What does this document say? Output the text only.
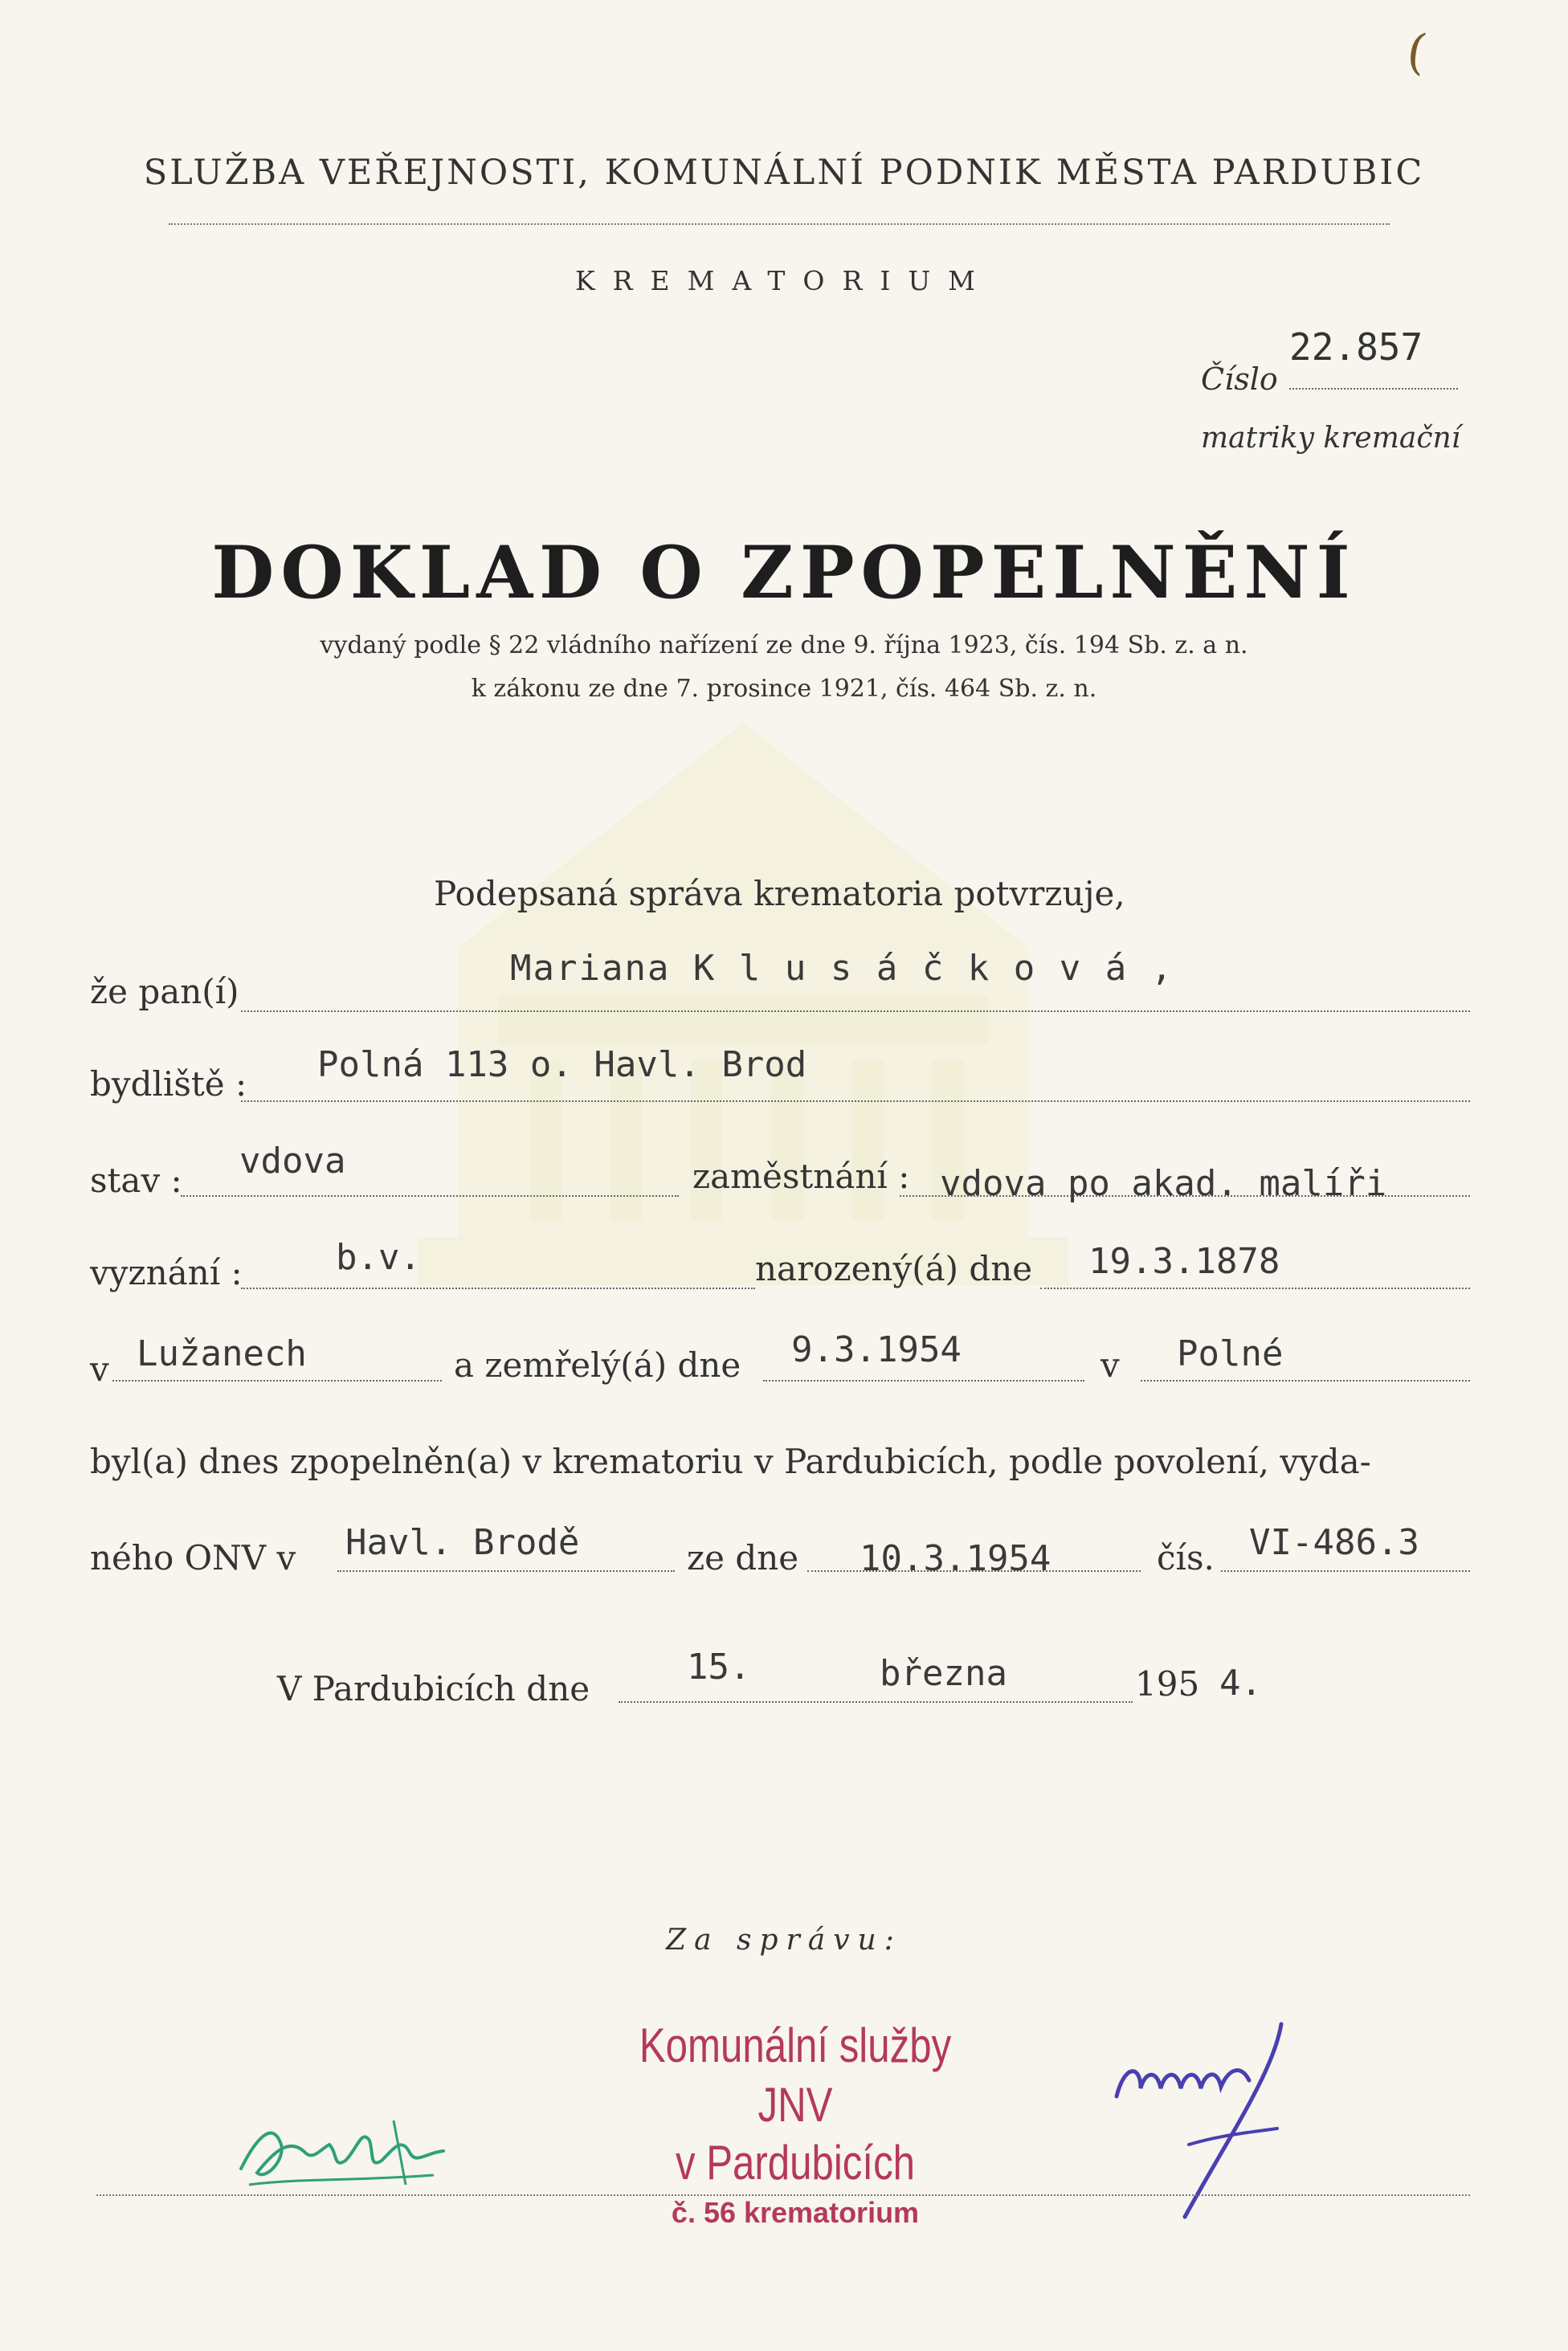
(
SLUŽBA VEŘEJNOSTI, KOMUNÁLNÍ PODNIK MĚSTA PARDUBIC
KREMATORIUM
Číslo
22.857
matriky kremační
DOKLAD O ZPOPELNĚNÍ
vydaný podle § 22 vládního nařízení ze dne 9. října 1923, čís. 194 Sb. z. a n.
k zákonu ze dne 7. prosince 1921, čís. 464 Sb. z. n.
Podepsaná správa krematoria potvrzuje,
že pan(í)
Mariana K l u s á č k o v á ,
bydliště : Polná 113 o. Havl. Brod
stav : vdova	zaměstnání : vdova po akad. malíři
vyznání :	b.v.	narozený(á) dne 19.3.1878
v Lužanech	a zemřelý(á) dne 9.3.1954	v Polné
byl(a) dnes zpopelněn(a) v krematoriu v Pardubicích, podle povolení, vyda-
ného ONV v Havl. Brodě	ze dne 10.3.1954	čís. VI-486.3
V Pardubicích dne
15.	března	195 4.
Za správu:
Komunální služby JNV
v Pardubicích
č. 56 krematorium
